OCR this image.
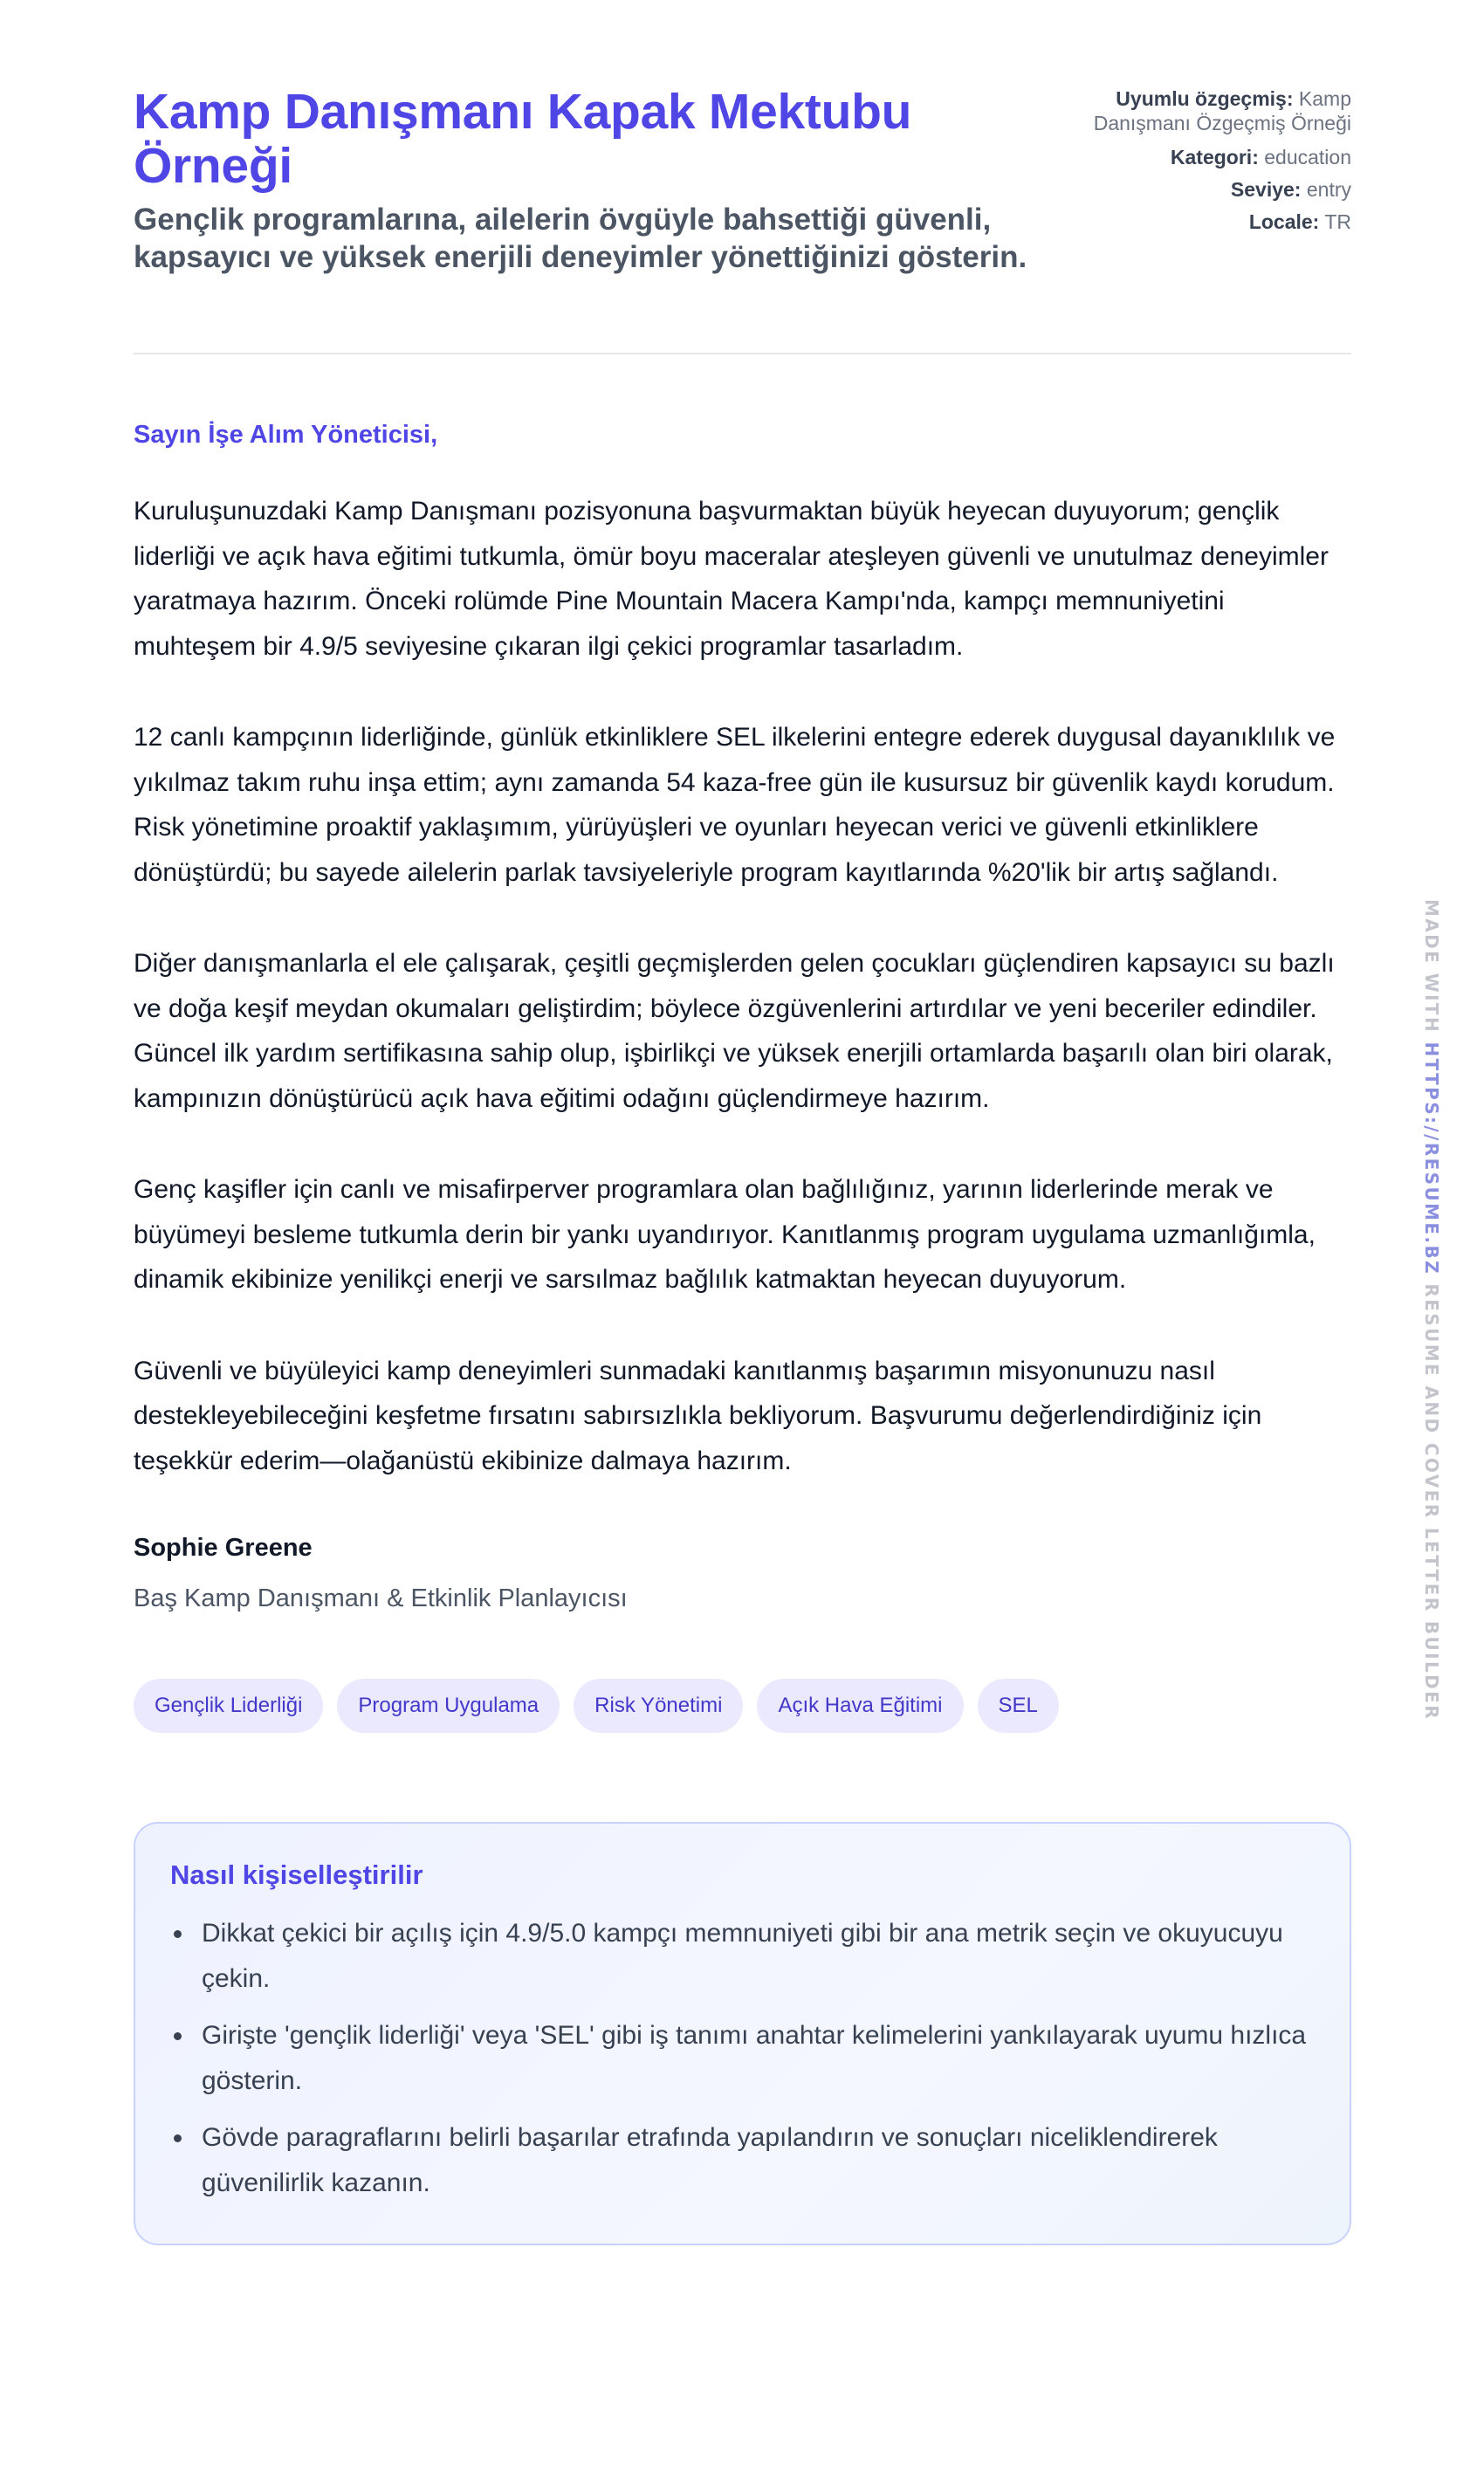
Kamp Danışmanı Kapak Mektubu Örneği

Gençlik programlarına, ailelerin övgüyle bahsettiği güvenli, kapsayıcı ve yüksek enerjili deneyimler yönettiğinizi gösterin.

Uyumlu özgeçmiş: Kamp Danışmanı Özgeçmiş Örneği
Kategori: education
Seviye: entry
Locale: TR
Sayın İşe Alım Yöneticisi,

Kuruluşunuzdaki Kamp Danışmanı pozisyonuna başvurmaktan büyük heyecan duyuyorum; gençlik liderliği ve açık hava eğitimi tutkumla, ömür boyu maceralar ateşleyen güvenli ve unutulmaz deneyimler yaratmaya hazırım. Önceki rolümde Pine Mountain Macera Kampı'nda, kampçı memnuniyetini muhteşem bir 4.9/5 seviyesine çıkaran ilgi çekici programlar tasarladım.

12 canlı kampçının liderliğinde, günlük etkinliklere SEL ilkelerini entegre ederek duygusal dayanıklılık ve yıkılmaz takım ruhu inşa ettim; aynı zamanda 54 kaza-free gün ile kusursuz bir güvenlik kaydı korudum. Risk yönetimine proaktif yaklaşımım, yürüyüşleri ve oyunları heyecan verici ve güvenli etkinliklere dönüştürdü; bu sayede ailelerin parlak tavsiyeleriyle program kayıtlarında %20'lik bir artış sağlandı.

Diğer danışmanlarla el ele çalışarak, çeşitli geçmişlerden gelen çocukları güçlendiren kapsayıcı su bazlı ve doğa keşif meydan okumaları geliştirdim; böylece özgüvenlerini artırdılar ve yeni beceriler edindiler. Güncel ilk yardım sertifikasına sahip olup, işbirlikçi ve yüksek enerjili ortamlarda başarılı olan biri olarak, kampınızın dönüştürücü açık hava eğitimi odağını güçlendirmeye hazırım.

Genç kaşifler için canlı ve misafirperver programlara olan bağlılığınız, yarının liderlerinde merak ve büyümeyi besleme tutkumla derin bir yankı uyandırıyor. Kanıtlanmış program uygulama uzmanlığımla, dinamik ekibinize yenilikçi enerji ve sarsılmaz bağlılık katmaktan heyecan duyuyorum.

Güvenli ve büyüleyici kamp deneyimleri sunmadaki kanıtlanmış başarımın misyonunuzu nasıl destekleyebileceğini keşfetme fırsatını sabırsızlıkla bekliyorum. Başvurumu değerlendirdiğiniz için teşekkür ederim—olağanüstü ekibinize dalmaya hazırım.

Sophie Greene
Baş Kamp Danışmanı & Etkinlik Planlayıcısı
Gençlik Liderliği	Program Uygulama	Risk Yönetimi	Açık Hava Eğitimi	SEL
Nasıl kişiselleştirilir
Dikkat çekici bir açılış için 4.9/5.0 kampçı memnuniyeti gibi bir ana metrik seçin ve okuyucuyu çekin.
Girişte 'gençlik liderliği' veya 'SEL' gibi iş tanımı anahtar kelimelerini yankılayarak uyumu hızlıca gösterin.
Gövde paragraflarını belirli başarılar etrafında yapılandırın ve sonuçları niceliklendirerek güvenilirlik kazanın.
MADE WITH HTTPS://RESUME.BZ RESUME AND COVER LETTER BUILDER
